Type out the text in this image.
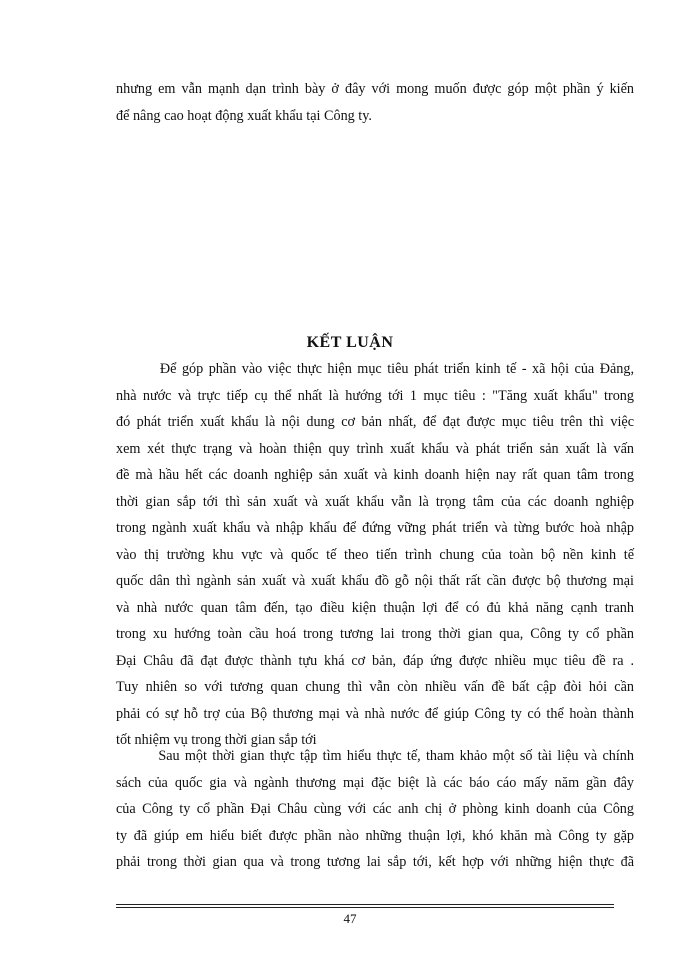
nhưng em vẫn mạnh dạn trình bày ở đây với mong muốn được góp một phần ý kiến
để nâng cao hoạt động xuất khẩu tại Công ty.
KẾT LUẬN
Để góp phần vào việc thực hiện mục tiêu phát triển kinh tế - xã hội của Đảng,
nhà nước và trực tiếp cụ thể nhất là hướng tới 1 mục tiêu : "Tăng xuất khẩu" trong
đó phát triển xuất khẩu là nội dung cơ bản nhất, để đạt được mục tiêu trên thì việc
xem xét thực trạng và hoàn thiện quy trình xuất khẩu và phát triển sản xuất là vấn
đề mà hầu hết các doanh nghiệp sản xuất và kinh doanh hiện nay rất quan tâm trong
thời gian sắp tới thì sản xuất và xuất khẩu vẫn là trọng tâm của các doanh nghiệp
trong ngành xuất khẩu và nhập khẩu để đứng vững phát triển và từng bước hoà nhập
vào thị trường khu vực và quốc tế theo tiến trình chung của toàn bộ nền kinh tế
quốc dân thì ngành sản xuất và xuất khẩu đồ gỗ nội thất rất cần được bộ thương mại
và nhà nước quan tâm đến, tạo điều kiện thuận lợi để có đủ khả năng cạnh tranh
trong xu hướng toàn cầu hoá trong tương lai trong thời gian qua, Công ty cổ phần
Đại Châu đã đạt được thành tựu khá cơ bản, đáp ứng được nhiều mục tiêu đề ra .
Tuy nhiên so với tương quan chung thì vẫn còn nhiều vấn đề bất cập đòi hỏi cần
phải có sự hỗ trợ của Bộ thương mại và nhà nước để giúp Công ty có thể hoàn thành
tốt nhiệm vụ trong thời gian sắp tới
Sau một thời gian thực tập tìm hiểu thực tế, tham khảo một số tài liệu và chính
sách của quốc gia và ngành thương mại đặc biệt là các báo cáo mấy năm gần đây
của Công ty cổ phần Đại Châu cùng với các anh chị ở phòng kinh doanh của Công
ty đã giúp em hiểu biết được phần nào những thuận lợi, khó khăn mà Công ty gặp
phải trong thời gian qua và trong tương lai sắp tới, kết hợp với những hiện thực đã
47
